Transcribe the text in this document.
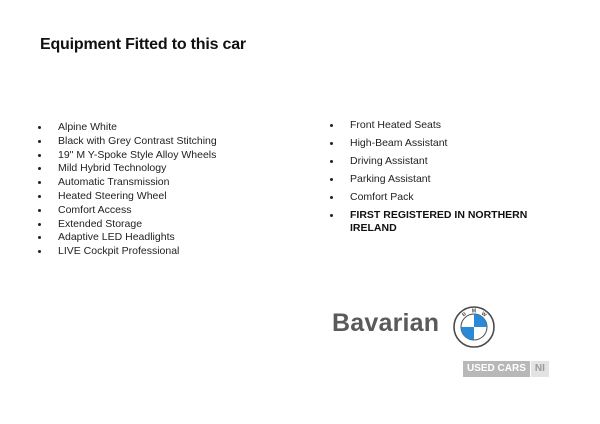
Equipment Fitted to this car
Alpine White
Black with Grey Contrast Stitching
19" M Y-Spoke Style Alloy Wheels
Mild Hybrid Technology
Automatic Transmission
Heated Steering Wheel
Comfort Access
Extended Storage
Adaptive LED Headlights
LIVE Cockpit Professional
Front Heated Seats
High-Beam Assistant
Driving Assistant
Parking Assistant
Comfort Pack
FIRST REGISTERED IN NORTHERN IRELAND
Bavarian	B M W
USED CARS NI
